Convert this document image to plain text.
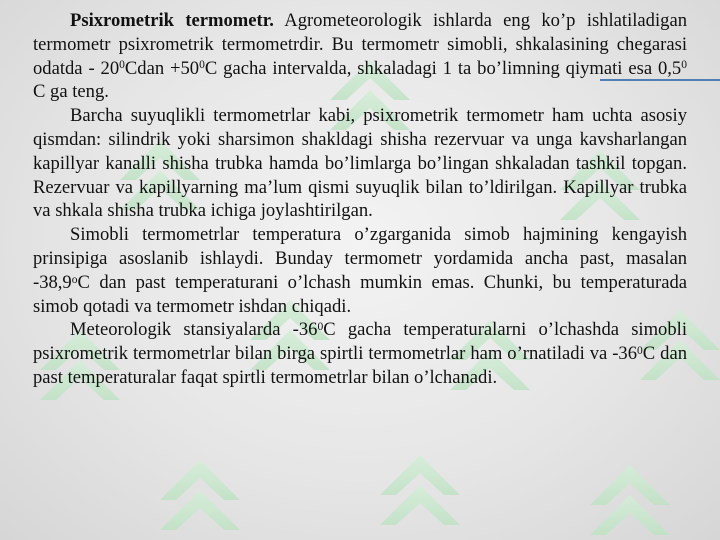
Psixrometrik termometr. Agrometeorologik ishlarda eng ko’p ishlatiladigan termometr psixrometrik termometrdir. Bu termometr simobli, shkalasining chegarasi odatda - $20^0Cdan +50^0C$ gacha intervalda, shkaladagi 1 ta bo’limning qiymati esa $0,5^0$ C ga teng.

Barcha suyuqlikli termometrlar kabi, psixrometrik termometr ham uchta asosiy qismdan: silindrik yoki sharsimon shakldagi shisha rezervuar va unga kavsharlangan kapillyar kanalli shisha trubka hamda bo’limlarga bo’lingan shkaladan tashkil topgan. Rezervuar va kapillyarning ma’lum qismi suyuqlik bilan to’ldirilgan. Kapillyar trubka va shkala shisha trubka ichiga joylashtirilgan.

Simobli termometrlar temperatura o’zgarganida simob hajmining kengayish prinsipiga asoslanib ishlaydi. Bunday termometr yordamida ancha past, masalan -38,9$^o$C dan past temperaturani o’lchash mumkin emas. Chunki, bu temperaturada simob qotadi va termometr ishdan chiqadi.

Meteorologik stansiyalarda $-36^0C$ gacha temperaturalarni o’lchashda simobli psixrometrik termometrlar bilan birga spirtli termometrlar ham o’rnatiladi va $-36^0C$ dan past temperaturalar faqat spirtli termometrlar bilan o’lchanadi.
